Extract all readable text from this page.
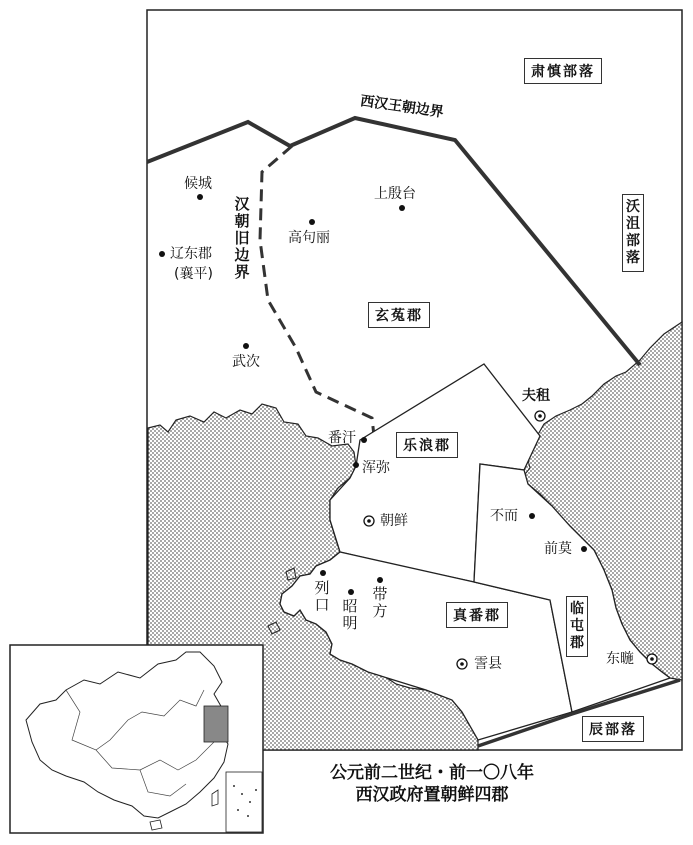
肃慎部落
沃沮部落
辰部落
西汉王朝边界
汉朝旧边界
玄菟郡
乐浪郡
真番郡	临屯郡
候城
辽东郡
(襄平)
武次
上殷台
高句丽
夫租
番汗
浑弥
朝鲜	不而
前莫
列口 昭明
带方
霅县	东暆
公元前二世纪・前一〇八年
西汉政府置朝鲜四郡
